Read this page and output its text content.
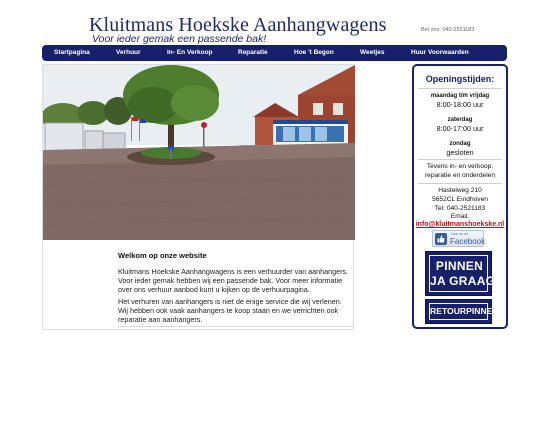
·
Kluitmans Hoekske Aanhangwagens
Voor ieder gemak een passende bak!
Bel ons: 040-2521183
Startpagina	Verhuur	In- En Verkoop	Reparatie	Hoe 't Begon	Weetjes	Huur Voorwaarden
Welkom op onze website

Kluitmans Hoekske Aanhangwagens is een verhuurder van aanhangers. Voor ieder gemak hebben wij een passende bak. Voor meer informatie over ons verhuur aanbod kunt u kijken op de verhuurpagina.

Het verhuren van aanhangers is niet de enige service die wij verlenen. Wij hebben ook vaak aanhangers te koop staan en we verrichten ook reparatie aan aanhangers.

Openingstijden:
maandag t/m vrijdag
8:00-18:00 uur
zaterdag
8:00-17:00 uur
zondag
gesloten
Tevens in- en verkoop, reparatie en onderdelen
Hastelweg 210
5652CL Eindhoven
Tel: 040-2521183
Email:
info@kluitmanshoekske.nl
Like us on
Facebook
PINNEN
JA GRAAG
RETOURPINNEN
